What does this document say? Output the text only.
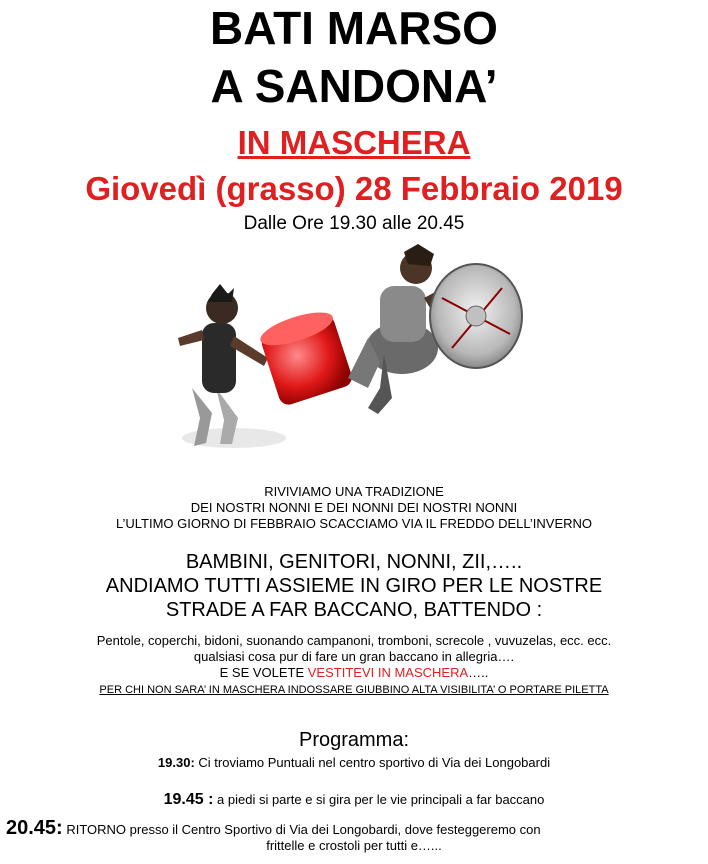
BATI MARSO
A SANDONA’
IN MASCHERA
Giovedì (grasso) 28 Febbraio 2019
Dalle Ore 19.30 alle 20.45
RIVIVIAMO UNA TRADIZIONE
DEI NOSTRI NONNI E DEI NONNI DEI NOSTRI NONNI
L’ULTIMO GIORNO DI FEBBRAIO SCACCIAMO VIA IL FREDDO DELL’INVERNO
BAMBINI, GENITORI, NONNI, ZII,…..
ANDIAMO TUTTI ASSIEME IN GIRO PER LE NOSTRE
STRADE A FAR BACCANO, BATTENDO :
Pentole, coperchi, bidoni, suonando campanoni, tromboni, screcole , vuvuzelas, ecc. ecc.
qualsiasi cosa pur di fare un gran baccano in allegria….
E SE VOLETE VESTITEVI IN MASCHERA…..
PER CHI NON SARA’ IN MASCHERA INDOSSARE GIUBBINO ALTA VISIBILITA’ O PORTARE PILETTA
Programma:
19.30: Ci troviamo Puntuali nel centro sportivo di Via dei Longobardi
19.45 : a piedi si parte e si gira per le vie principali a far baccano
20.45: RITORNO presso il Centro Sportivo di Via dei Longobardi, dove festeggeremo con
frittelle e crostoli per tutti e…...
